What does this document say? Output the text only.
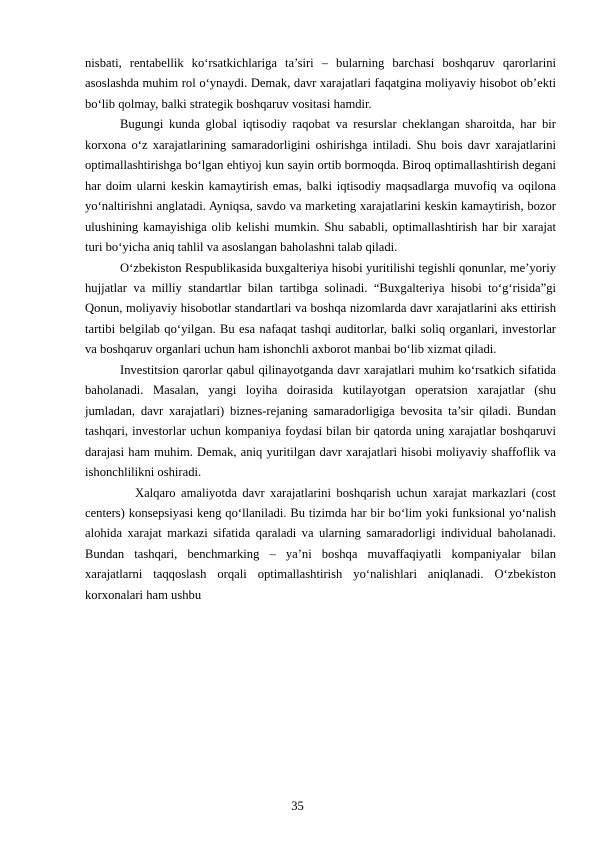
nisbati, rentabellik ko‘rsatkichlariga ta’siri – bularning barchasi boshqaruv qarorlarini asoslashda muhim rol o‘ynaydi. Demak, davr xarajatlari faqatgina moliyaviy hisobot ob’ekti bo‘lib qolmay, balki strategik boshqaruv vositasi hamdir.

Bugungi kunda global iqtisodiy raqobat va resurslar cheklangan sharoitda, har bir korxona o‘z xarajatlarining samaradorligini oshirishga intiladi. Shu bois davr xarajatlarini optimallashtirishga bo‘lgan ehtiyoj kun sayin ortib bormoqda. Biroq optimallashtirish degani har doim ularni keskin kamaytirish emas, balki iqtisodiy maqsadlarga muvofiq va oqilona yo‘naltirishni anglatadi. Ayniqsa, savdo va marketing xarajatlarini keskin kamaytirish, bozor ulushining kamayishiga olib kelishi mumkin. Shu sababli, optimallashtirish har bir xarajat turi bo‘yicha aniq tahlil va asoslangan baholashni talab qiladi.

O‘zbekiston Respublikasida buxgalteriya hisobi yuritilishi tegishli qonunlar, me’yoriy hujjatlar va milliy standartlar bilan tartibga solinadi. “Buxgalteriya hisobi to‘g‘risida”gi Qonun, moliyaviy hisobotlar standartlari va boshqa nizomlarda davr xarajatlarini aks ettirish tartibi belgilab qo‘yilgan. Bu esa nafaqat tashqi auditorlar, balki soliq organlari, investorlar va boshqaruv organlari uchun ham ishonchli axborot manbai bo‘lib xizmat qiladi.

Investitsion qarorlar qabul qilinayotganda davr xarajatlari muhim ko‘rsatkich sifatida baholanadi. Masalan, yangi loyiha doirasida kutilayotgan operatsion xarajatlar (shu jumladan, davr xarajatlari) biznes-rejaning samaradorligiga bevosita ta’sir qiladi. Bundan tashqari, investorlar uchun kompaniya foydasi bilan bir qatorda uning xarajatlar boshqaruvi darajasi ham muhim. Demak, aniq yuritilgan davr xarajatlari hisobi moliyaviy shaffoflik va ishonchlilikni oshiradi.

Xalqaro amaliyotda davr xarajatlarini boshqarish uchun xarajat markazlari (cost centers) konsepsiyasi keng qo‘llaniladi. Bu tizimda har bir bo‘lim yoki funksional yo‘nalish alohida xarajat markazi sifatida qaraladi va ularning samaradorligi individual baholanadi. Bundan tashqari, benchmarking – ya’ni boshqa muvaffaqiyatli kompaniyalar bilan xarajatlarni taqqoslash orqali optimallashtirish yo‘nalishlari aniqlanadi. O‘zbekiston korxonalari ham ushbu

35
